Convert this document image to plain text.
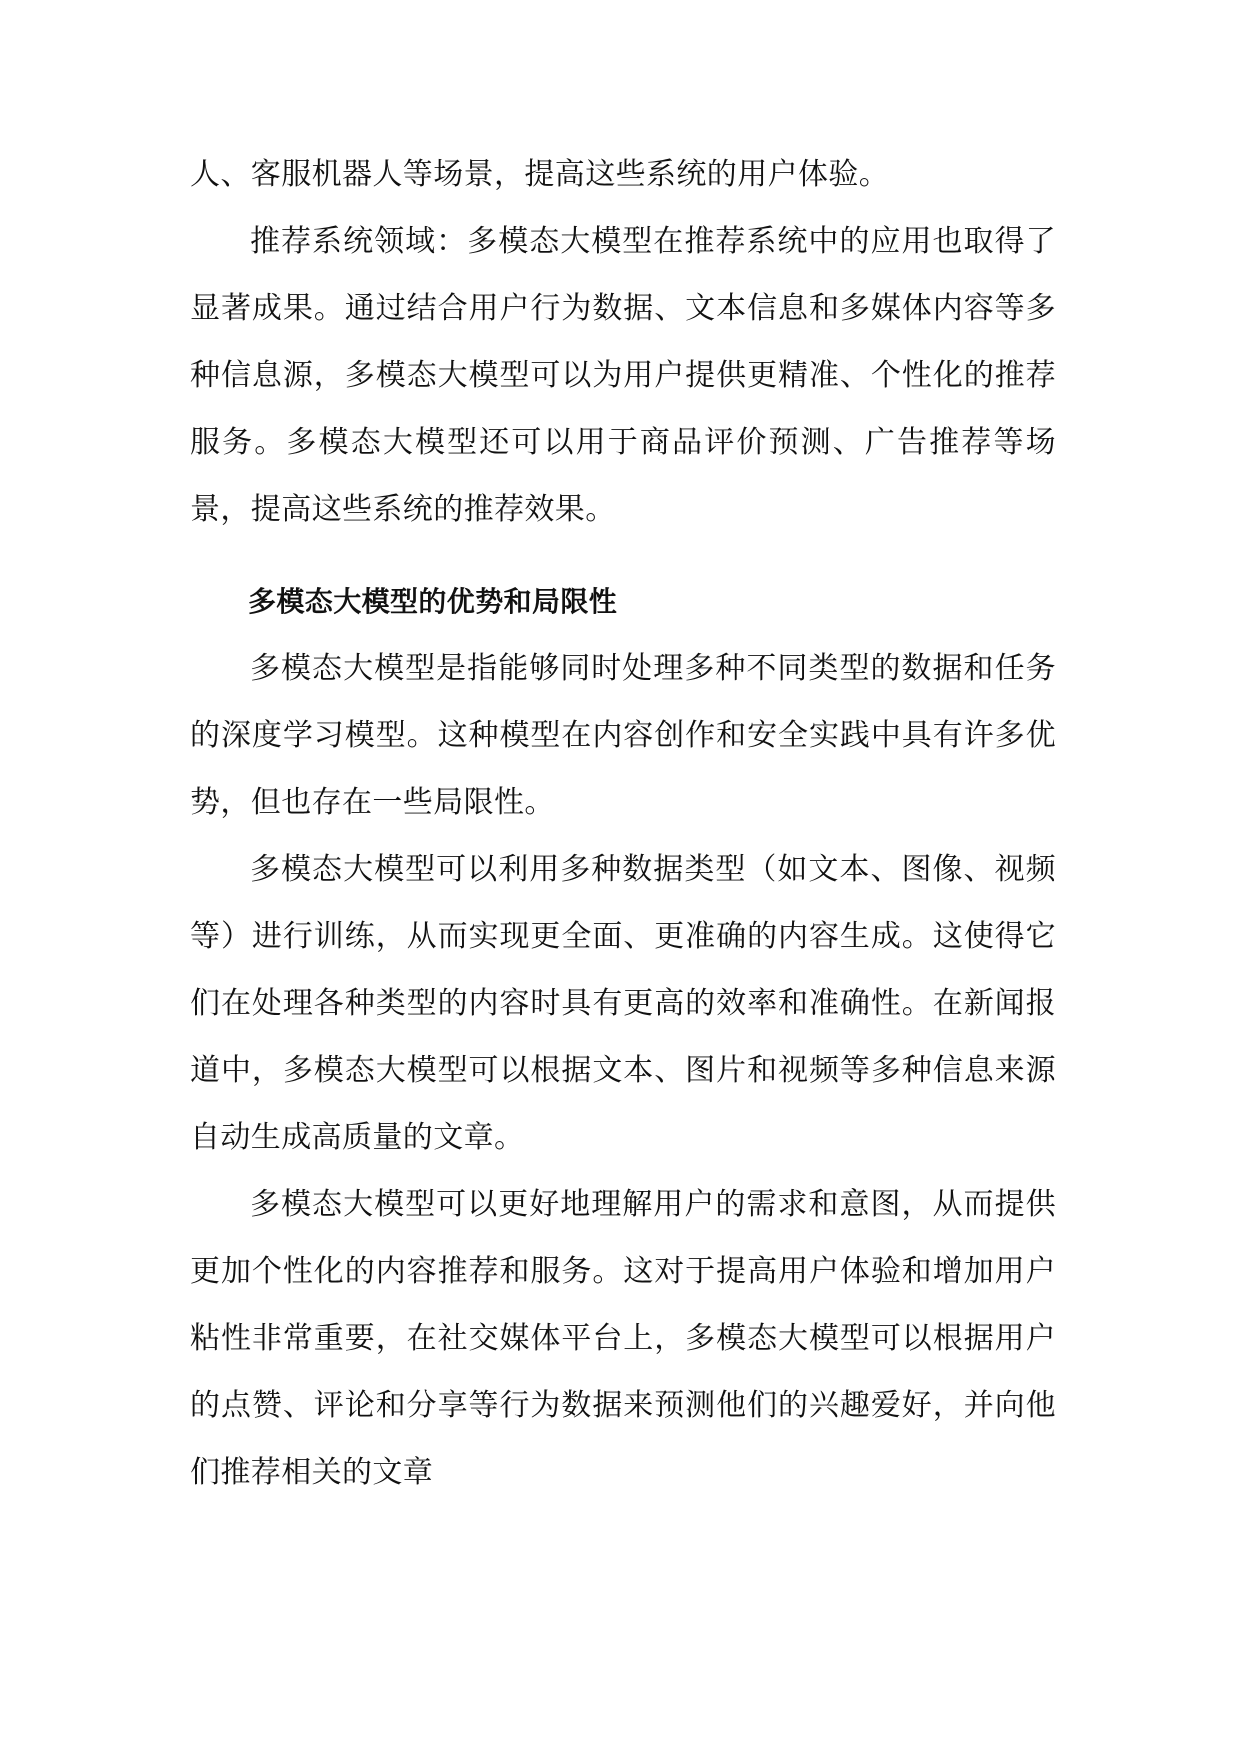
人、客服机器人等场景，提高这些系统的用户体验。

推荐系统领域：多模态大模型在推荐系统中的应用也取得了显著成果。通过结合用户行为数据、文本信息和多媒体内容等多种信息源，多模态大模型可以为用户提供更精准、个性化的推荐服务。多模态大模型还可以用于商品评价预测、广告推荐等场景，提高这些系统的推荐效果。

多模态大模型的优势和局限性

多模态大模型是指能够同时处理多种不同类型的数据和任务的深度学习模型。这种模型在内容创作和安全实践中具有许多优势，但也存在一些局限性。

多模态大模型可以利用多种数据类型（如文本、图像、视频等）进行训练，从而实现更全面、更准确的内容生成。这使得它们在处理各种类型的内容时具有更高的效率和准确性。在新闻报道中，多模态大模型可以根据文本、图片和视频等多种信息来源自动生成高质量的文章。

多模态大模型可以更好地理解用户的需求和意图，从而提供更加个性化的内容推荐和服务。这对于提高用户体验和增加用户粘性非常重要，在社交媒体平台上，多模态大模型可以根据用户的点赞、评论和分享等行为数据来预测他们的兴趣爱好，并向他们推荐相关的文章
